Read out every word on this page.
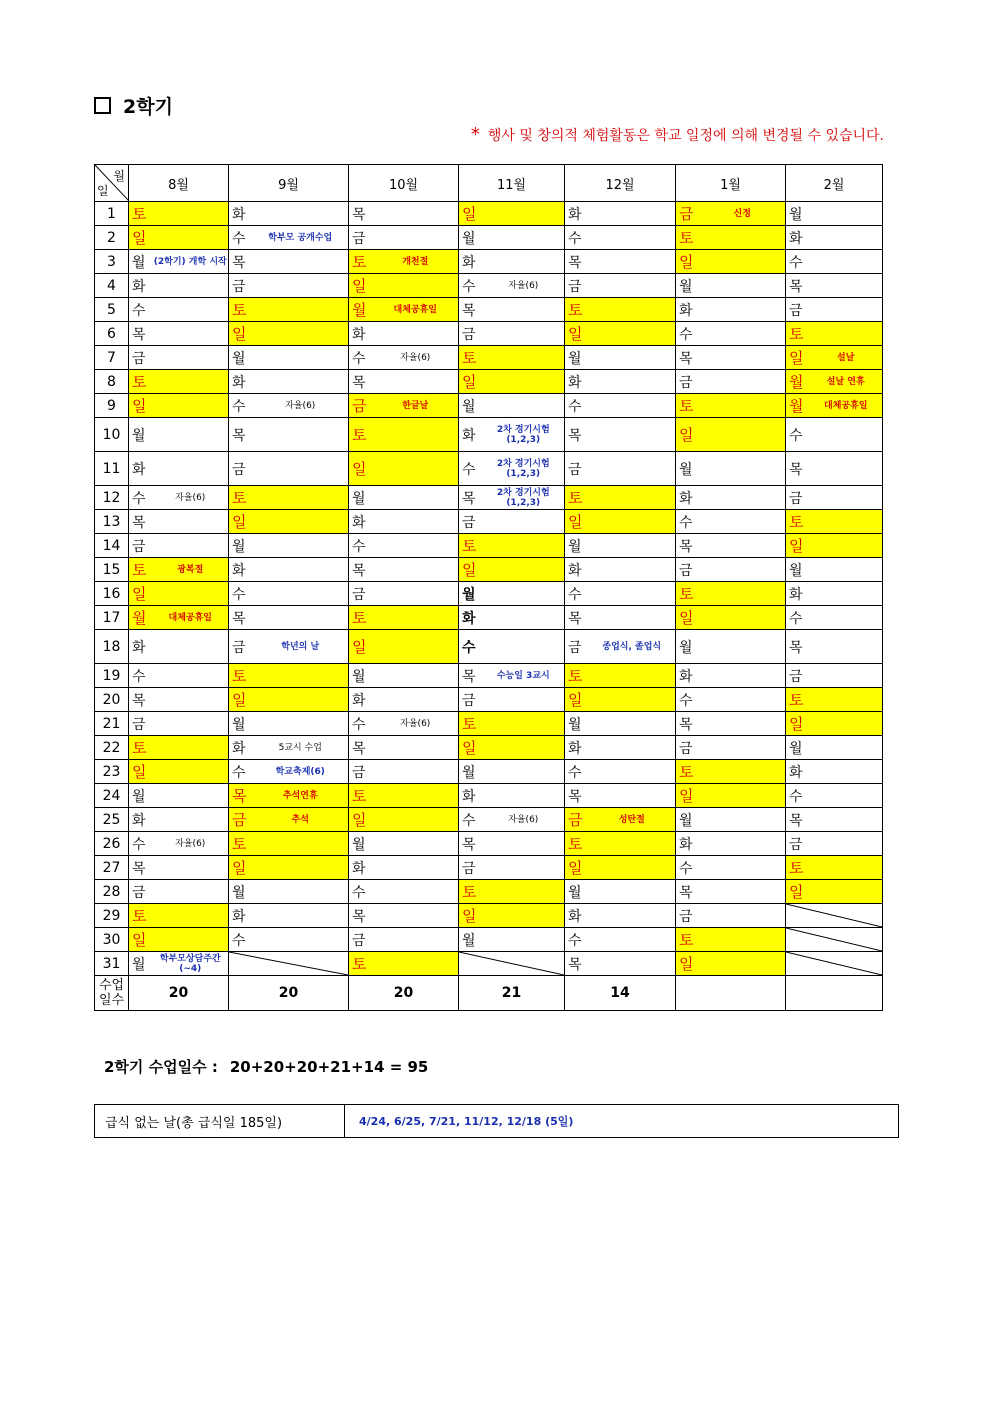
2학기
* 행사 및 창의적 체험활동은 학교 일정에 의해 변경될 수 있습니다.
월
일	8월		9월		10월		11월		12월		1월		2월	
1	토		화		목		일		화		금	신정	월	
2	일		수	학부모 공개수업	금		월		수		토		화	
3	월	(2학기) 개학 시작	목		토	개천절	화		목		일		수	
4	화		금		일		수	자율(6)	금		월		목	
5	수		토		월	대체공휴일	목		토		화		금	
6	목		일		화		금		일		수		토	
7	금		월		수	자율(6)	토		월		목		일	설날
8	토		화		목		일		화		금		월	설날 연휴
9	일		수	자율(6)	금	한글날	월		수		토		월	대체공휴일
10	월		목		토		화	2차 경기시험(1,2,3)	목		일		수	
11	화		금		일		수	2차 경기시험(1,2,3)	금		월		목	
12	수	자율(6)	토		월		목	2차 경기시험(1,2,3)	토		화		금	
13	목		일		화		금		일		수		토	
14	금		월		수		토		월		목		일	
15	토	광복절	화		목		일		화		금		월	
16	일		수		금		월		수		토		화	
17	월	대체공휴일	목		토		화		목		일		수	
18	화		금	학년의 날	일		수		금	종업식, 졸업식	월		목	
19	수		토		월		목	수능일 3교시	토		화		금	
20	목		일		화		금		일		수		토	
21	금		월		수	자율(6)	토		월		목		일	
22	토		화	5교시 수업	목		일		화		금		월	
23	일		수	학교축제(6)	금		월		수		토		화	
24	월		목	추석연휴	토		화		목		일		수	
25	화		금	추석	일		수	자율(6)	금	성탄절	월		목	
26	수	자율(6)	토		월		목		토		화		금	
27	목		일		화		금		일		수		토	
28	금		월		수		토		월		목		일	
29	토		화		목		일		화		금		

30	일		수		금		월		수		토		

31	월	학부모상담주간 (~4)			토				목		일		

수업일수	20		20		20		21		14					
2학기 수업일수 : 20+20+20+21+14 = 95
급식 없는 날(총 급식일 185일)	4/24, 6/25, 7/21, 11/12, 12/18 (5일)
